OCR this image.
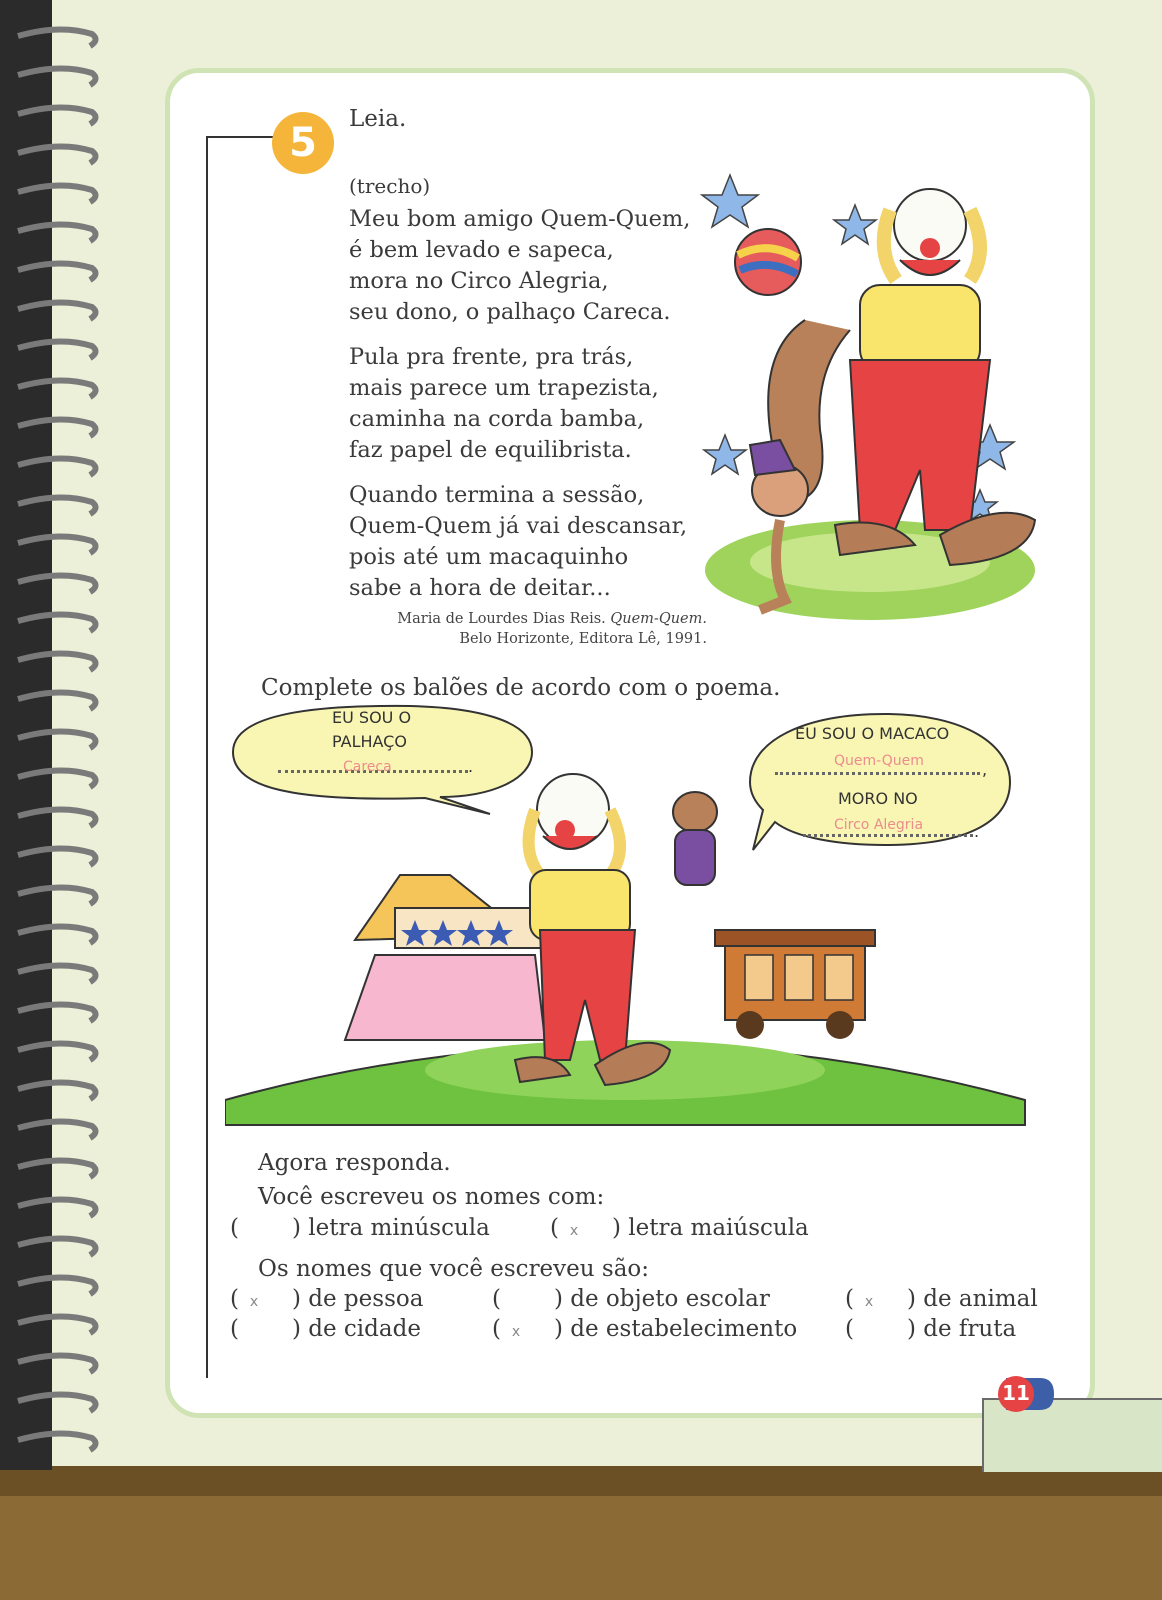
5
Leia.
(trecho)
Meu bom amigo Quem-Quem,
é bem levado e sapeca,
mora no Circo Alegria,
seu dono, o palhaço Careca.
Pula pra frente, pra trás,
mais parece um trapezista,
caminha na corda bamba,
faz papel de equilibrista.
Quando termina a sessão,
Quem-Quem já vai descansar,
pois até um macaquinho
sabe a hora de deitar...
Maria de Lourdes Dias Reis. Quem-Quem.
Belo Horizonte, Editora Lê, 1991.
Complete os balões de acordo com o poema.
EU SOU O
PALHAÇO
Careca	.
EU SOU O MACACO
Quem-Quem	,
MORO NO
Circo Alegria	.
Agora responda.
Você escreveu os nomes com:
( ) letra minúscula	( x ) letra maiúscula
Os nomes que você escreveu são:
( x ) de pessoa	( ) de objeto escolar	( x ) de animal
( ) de cidade	( x ) de estabelecimento ( ) de fruta
11
